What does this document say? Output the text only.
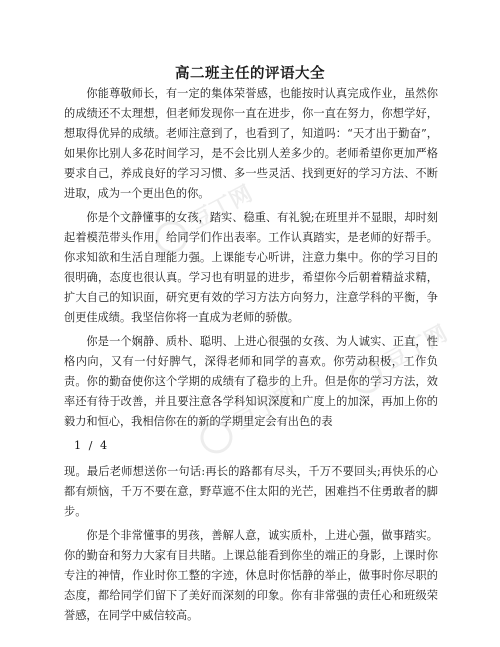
高二班主任的评语大全

你能尊敬师长，有一定的集体荣誉感，也能按时认真完成作业，虽然你的成绩还不太理想，但老师发现你一直在进步，你一直在努力，你想学好，想取得优异的成绩。老师注意到了，也看到了，知道吗：“天才出于勤奋”，如果你比别人多花时间学习，是不会比别人差多少的。老师希望你更加严格要求自己，养成良好的学习习惯、多一些灵活、找到更好的学习方法、不断进取，成为一个更出色的你。

你是个文静懂事的女孩，踏实、稳重、有礼貌;在班里并不显眼，却时刻起着模范带头作用，给同学们作出表率。工作认真踏实，是老师的好帮手。你求知欲和生活自理能力强。上课能专心听讲，注意力集中。你的学习目的很明确，态度也很认真。学习也有明显的进步，希望你今后朝着精益求精，扩大自己的知识面，研究更有效的学习方法方向努力，注意学科的平衡，争创更佳成绩。我坚信你将一直成为老师的骄傲。

你是一个娴静、质朴、聪明、上进心很强的女孩、为人诚实、正直，性格内向，又有一付好脾气，深得老师和同学的喜欢。你劳动积极，工作负责。你的勤奋使你这个学期的成绩有了稳步的上升。但是你的学习方法，效率还有待于改善，并且要注意各学科知识深度和广度上的加深，再加上你的毅力和恒心，我相信你在的新的学期里定会有出色的表

1 / 4

现。最后老师想送你一句话:再长的路都有尽头，千万不要回头;再快乐的心都有烦恼，千万不要在意，野草遮不住太阳的光芒，困难挡不住勇敢者的脚步。

你是个非常懂事的男孩，善解人意，诚实质朴，上进心强，做事踏实。你的勤奋和努力大家有目共睹。上课总能看到你坐的端正的身影，上课时你专注的神情，作业时你工整的字迹，休息时你恬静的举止，做事时你尽职的态度，都给同学们留下了美好而深刻的印象。你有非常强的责任心和班级荣誉感，在同学中威信较高。

豆丁网
豆丁网
豆丁网
